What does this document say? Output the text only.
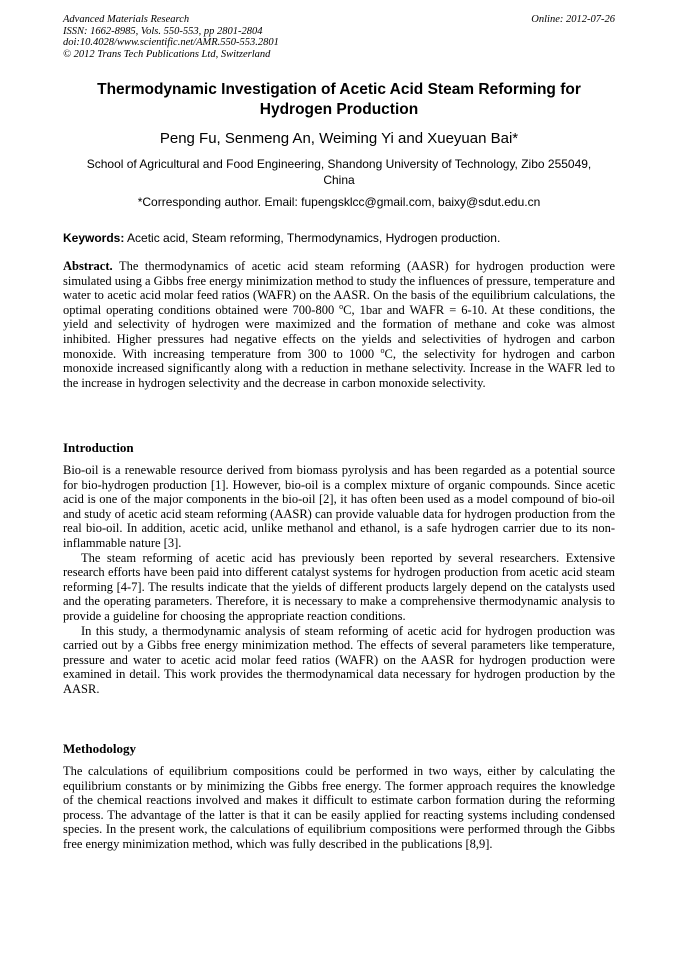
Advanced Materials Research
ISSN: 1662-8985, Vols. 550-553, pp 2801-2804
doi:10.4028/www.scientific.net/AMR.550-553.2801
© 2012 Trans Tech Publications Ltd, Switzerland
Online: 2012-07-26
Thermodynamic Investigation of Acetic Acid Steam Reforming for
Hydrogen Production
Peng Fu, Senmeng An, Weiming Yi and Xueyuan Bai*
School of Agricultural and Food Engineering, Shandong University of Technology, Zibo 255049,
China
*Corresponding author. Email: fupengsklcc@gmail.com, baixy@sdut.edu.cn
Keywords: Acetic acid, Steam reforming, Thermodynamics, Hydrogen production.

Abstract. The thermodynamics of acetic acid steam reforming (AASR) for hydrogen production were simulated using a Gibbs free energy minimization method to study the influences of pressure, temperature and water to acetic acid molar feed ratios (WAFR) on the AASR. On the basis of the equilibrium calculations, the optimal operating conditions obtained were 700-800 $^o$C, 1bar and WAFR = 6-10. At these conditions, the yield and selectivity of hydrogen were maximized and the formation of methane and coke was almost inhibited. Higher pressures had negative effects on the yields and selectivities of hydrogen and carbon monoxide. With increasing temperature from 300 to 1000 $^o$C, the selectivity for hydrogen and carbon monoxide increased significantly along with a reduction in methane selectivity. Increase in the WAFR led to the increase in hydrogen selectivity and the decrease in carbon monoxide selectivity.

Introduction

Bio-oil is a renewable resource derived from biomass pyrolysis and has been regarded as a potential source for bio-hydrogen production [1]. However, bio-oil is a complex mixture of organic compounds. Since acetic acid is one of the major components in the bio-oil [2], it has often been used as a model compound of bio-oil and study of acetic acid steam reforming (AASR) can provide valuable data for hydrogen production from the real bio-oil. In addition, acetic acid, unlike methanol and ethanol, is a safe hydrogen carrier due to its non-inflammable nature [3].

The steam reforming of acetic acid has previously been reported by several researchers. Extensive research efforts have been paid into different catalyst systems for hydrogen production from acetic acid steam reforming [4-7]. The results indicate that the yields of different products largely depend on the catalysts used and the operating parameters. Therefore, it is necessary to make a comprehensive thermodynamic analysis to provide a guideline for choosing the appropriate reaction conditions.

In this study, a thermodynamic analysis of steam reforming of acetic acid for hydrogen production was carried out by a Gibbs free energy minimization method. The effects of several parameters like temperature, pressure and water to acetic acid molar feed ratios (WAFR) on the AASR for hydrogen production were examined in detail. This work provides the thermodynamical data necessary for hydrogen production by the AASR.

Methodology

The calculations of equilibrium compositions could be performed in two ways, either by calculating the equilibrium constants or by minimizing the Gibbs free energy. The former approach requires the knowledge of the chemical reactions involved and makes it difficult to estimate carbon formation during the reforming process. The advantage of the latter is that it can be easily applied for reacting systems including condensed species. In the present work, the calculations of equilibrium compositions were performed through the Gibbs free energy minimization method, which was fully described in the publications [8,9].
